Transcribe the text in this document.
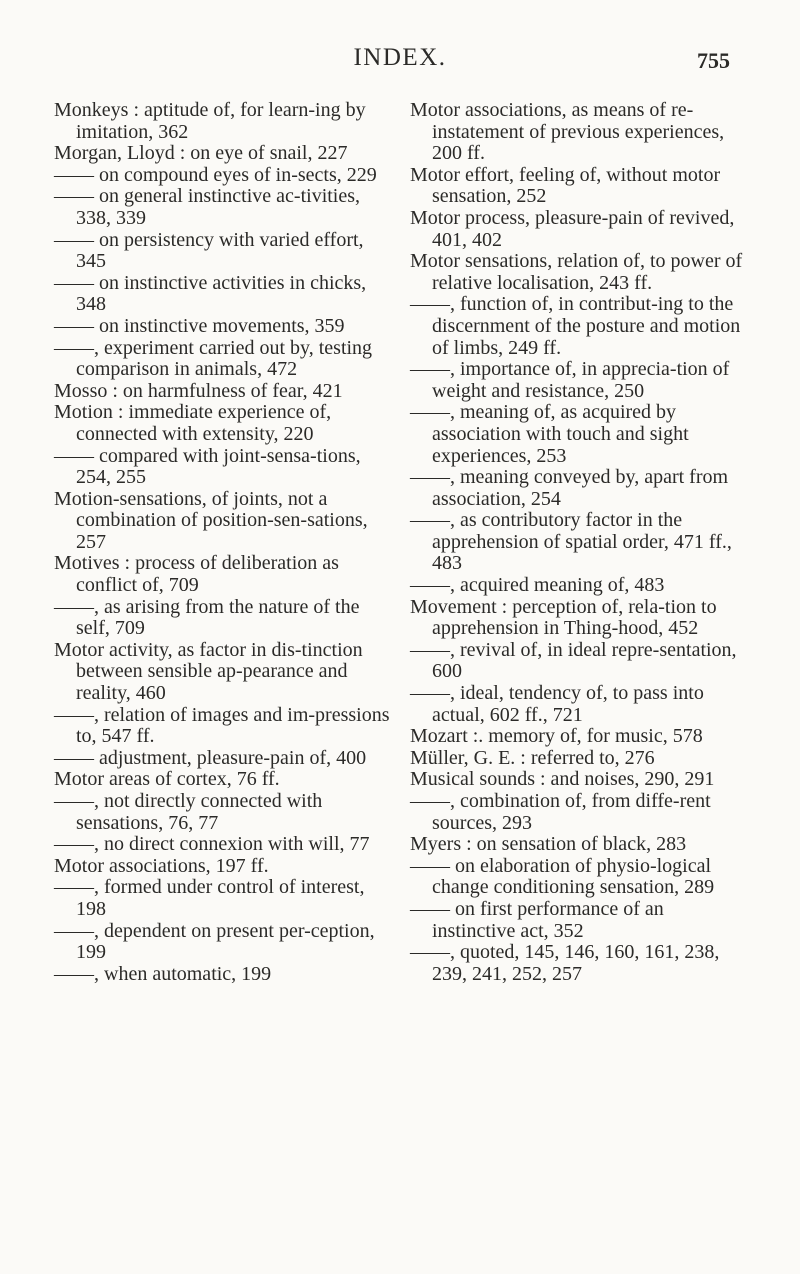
INDEX.	755

Monkeys : aptitude of, for learn-ing by imitation, 362

Morgan, Lloyd : on eye of snail, 227

—— on compound eyes of in-sects, 229

—— on general instinctive ac-tivities, 338, 339

—— on persistency with varied effort, 345

—— on instinctive activities in chicks, 348

—— on instinctive movements, 359

——, experiment carried out by, testing comparison in animals, 472

Mosso : on harmfulness of fear, 421

Motion : immediate experience of, connected with extensity, 220

—— compared with joint-sensa-tions, 254, 255

Motion-sensations, of joints, not a combination of position-sen-sations, 257

Motives : process of deliberation as conflict of, 709

——, as arising from the nature of the self, 709

Motor activity, as factor in dis-tinction between sensible ap-pearance and reality, 460

——, relation of images and im-pressions to, 547 ff.

—— adjustment, pleasure-pain of, 400

Motor areas of cortex, 76 ff.

——, not directly connected with sensations, 76, 77

——, no direct connexion with will, 77

Motor associations, 197 ff.

——, formed under control of interest, 198

——, dependent on present per-ception, 199

——, when automatic, 199

Motor associations, as means of re-instatement of previous experiences, 200 ff.

Motor effort, feeling of, without motor sensation, 252

Motor process, pleasure-pain of revived, 401, 402

Motor sensations, relation of, to power of relative localisation, 243 ff.

——, function of, in contribut-ing to the discernment of the posture and motion of limbs, 249 ff.

——, importance of, in apprecia-tion of weight and resistance, 250

——, meaning of, as acquired by association with touch and sight experiences, 253

——, meaning conveyed by, apart from association, 254

——, as contributory factor in the apprehension of spatial order, 471 ff., 483

——, acquired meaning of, 483

Movement : perception of, rela-tion to apprehension in Thing-hood, 452

——, revival of, in ideal repre-sentation, 600

——, ideal, tendency of, to pass into actual, 602 ff., 721

Mozart :. memory of, for music, 578

Müller, G. E. : referred to, 276

Musical sounds : and noises, 290, 291

——, combination of, from diffe-rent sources, 293

Myers : on sensation of black, 283

—— on elaboration of physio-logical change conditioning sensation, 289

—— on first performance of an instinctive act, 352

——, quoted, 145, 146, 160, 161, 238, 239, 241, 252, 257
